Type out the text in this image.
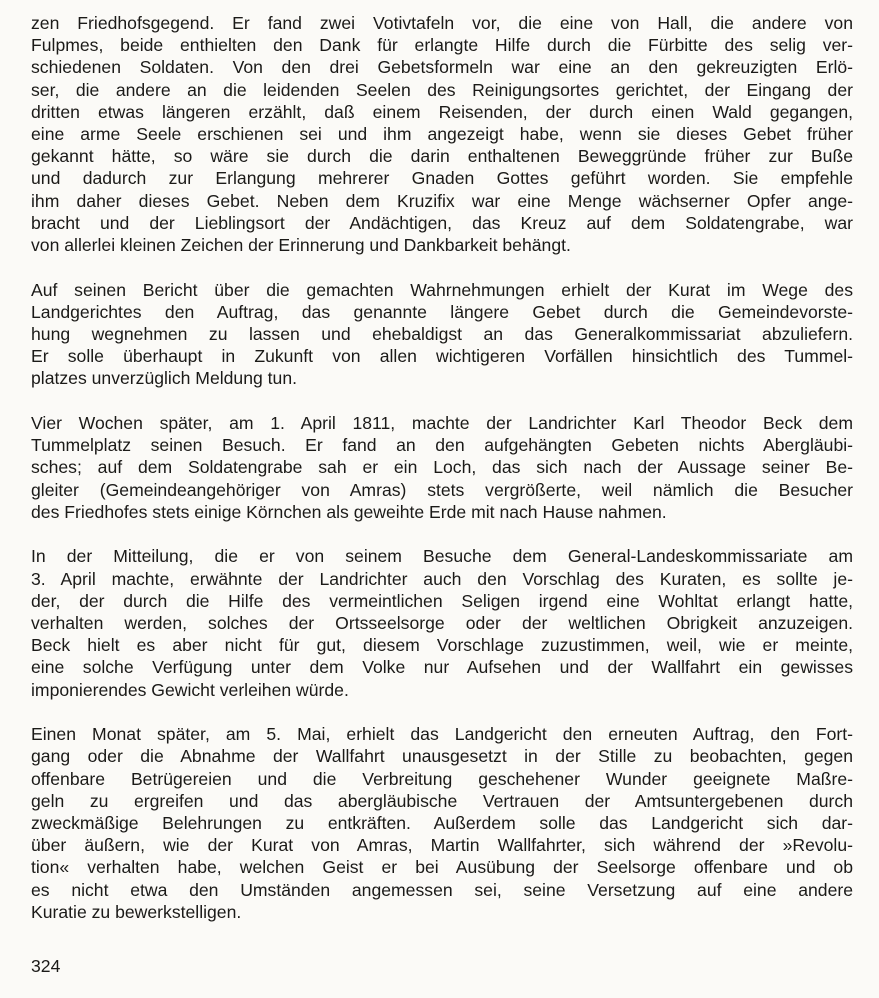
zen Friedhofsgegend. Er fand zwei Votivtafeln vor, die eine von Hall, die andere von
Fulpmes, beide enthielten den Dank für erlangte Hilfe durch die Fürbitte des selig ver-
schiedenen Soldaten. Von den drei Gebetsformeln war eine an den gekreuzigten Erlö-
ser, die andere an die leidenden Seelen des Reinigungsortes gerichtet, der Eingang der
dritten etwas längeren erzählt, daß einem Reisenden, der durch einen Wald gegangen,
eine arme Seele erschienen sei und ihm angezeigt habe, wenn sie dieses Gebet früher
gekannt hätte, so wäre sie durch die darin enthaltenen Beweggründe früher zur Buße
und dadurch zur Erlangung mehrerer Gnaden Gottes geführt worden. Sie empfehle
ihm daher dieses Gebet. Neben dem Kruzifix war eine Menge wächserner Opfer ange-
bracht und der Lieblingsort der Andächtigen, das Kreuz auf dem Soldatengrabe, war
von allerlei kleinen Zeichen der Erinnerung und Dankbarkeit behängt.

Auf seinen Bericht über die gemachten Wahrnehmungen erhielt der Kurat im Wege des
Landgerichtes den Auftrag, das genannte längere Gebet durch die Gemeindevorste-
hung wegnehmen zu lassen und ehebaldigst an das Generalkommissariat abzuliefern.
Er solle überhaupt in Zukunft von allen wichtigeren Vorfällen hinsichtlich des Tummel-
platzes unverzüglich Meldung tun.

Vier Wochen später, am 1. April 1811, machte der Landrichter Karl Theodor Beck dem
Tummelplatz seinen Besuch. Er fand an den aufgehängten Gebeten nichts Abergläubi-
sches; auf dem Soldatengrabe sah er ein Loch, das sich nach der Aussage seiner Be-
gleiter (Gemeindeangehöriger von Amras) stets vergrößerte, weil nämlich die Besucher
des Friedhofes stets einige Körnchen als geweihte Erde mit nach Hause nahmen.

In der Mitteilung, die er von seinem Besuche dem General-Landeskommissariate am
3. April machte, erwähnte der Landrichter auch den Vorschlag des Kuraten, es sollte je-
der, der durch die Hilfe des vermeintlichen Seligen irgend eine Wohltat erlangt hatte,
verhalten werden, solches der Ortsseelsorge oder der weltlichen Obrigkeit anzuzeigen.
Beck hielt es aber nicht für gut, diesem Vorschlage zuzustimmen, weil, wie er meinte,
eine solche Verfügung unter dem Volke nur Aufsehen und der Wallfahrt ein gewisses
imponierendes Gewicht verleihen würde.

Einen Monat später, am 5. Mai, erhielt das Landgericht den erneuten Auftrag, den Fort-
gang oder die Abnahme der Wallfahrt unausgesetzt in der Stille zu beobachten, gegen
offenbare Betrügereien und die Verbreitung geschehener Wunder geeignete Maßre-
geln zu ergreifen und das abergläubische Vertrauen der Amtsuntergebenen durch
zweckmäßige Belehrungen zu entkräften. Außerdem solle das Landgericht sich dar-
über äußern, wie der Kurat von Amras, Martin Wallfahrter, sich während der »Revolu-
tion« verhalten habe, welchen Geist er bei Ausübung der Seelsorge offenbare und ob
es nicht etwa den Umständen angemessen sei, seine Versetzung auf eine andere
Kuratie zu bewerkstelligen.

324
